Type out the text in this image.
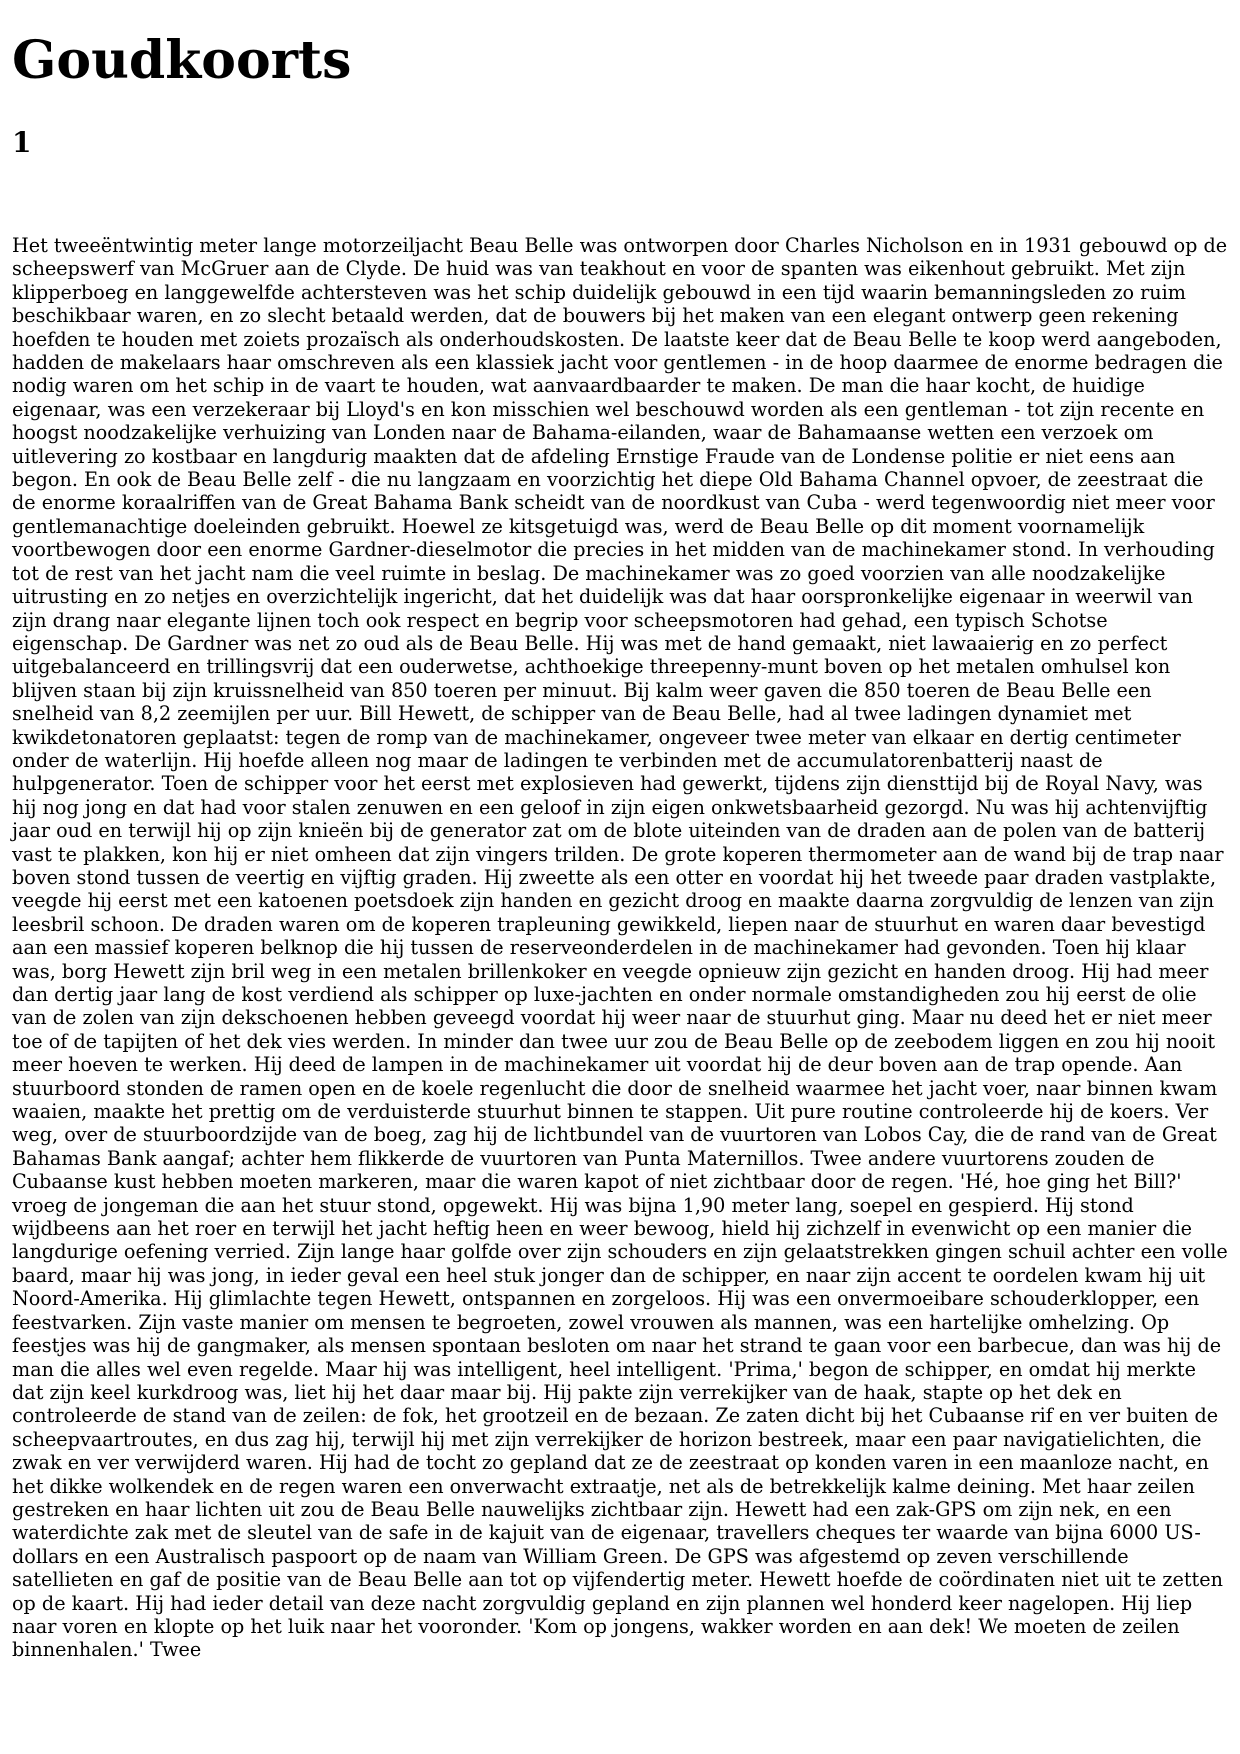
Goudkoorts
1

Het tweeëntwintig meter lange motorzeiljacht Beau Belle was ontworpen door Charles Nicholson en in 1931 gebouwd op de scheepswerf van McGruer aan de Clyde. De huid was van teakhout en voor de spanten was eikenhout gebruikt. Met zijn klipperboeg en langgewelfde achtersteven was het schip duidelijk gebouwd in een tijd waarin bemanningsleden zo ruim beschikbaar waren, en zo slecht betaald werden, dat de bouwers bij het maken van een elegant ontwerp geen rekening hoefden te houden met zoiets prozaïsch als onderhoudskosten. De laatste keer dat de Beau Belle te koop werd aangeboden, hadden de makelaars haar omschreven als een klassiek jacht voor gentlemen - in de hoop daarmee de enorme bedragen die nodig waren om het schip in de vaart te houden, wat aanvaardbaarder te maken. De man die haar kocht, de huidige eigenaar, was een verzekeraar bij Lloyd's en kon misschien wel beschouwd worden als een gentleman - tot zijn recente en hoogst noodzakelijke verhuizing van Londen naar de Bahama-eilanden, waar de Bahamaanse wetten een verzoek om uitlevering zo kostbaar en langdurig maakten dat de afdeling Ernstige Fraude van de Londense politie er niet eens aan begon. En ook de Beau Belle zelf - die nu langzaam en voorzichtig het diepe Old Bahama Channel opvoer, de zeestraat die de enorme koraalriffen van de Great Bahama Bank scheidt van de noordkust van Cuba - werd tegenwoordig niet meer voor gentlemanachtige doeleinden gebruikt. Hoewel ze kitsgetuigd was, werd de Beau Belle op dit moment voornamelijk voortbewogen door een enorme Gardner-dieselmotor die precies in het midden van de machinekamer stond. In verhouding tot de rest van het jacht nam die veel ruimte in beslag. De machinekamer was zo goed voorzien van alle noodzakelijke uitrusting en zo netjes en overzichtelijk ingericht, dat het duidelijk was dat haar oorspronkelijke eigenaar in weerwil van zijn drang naar elegante lijnen toch ook respect en begrip voor scheepsmotoren had gehad, een typisch Schotse eigenschap. De Gardner was net zo oud als de Beau Belle. Hij was met de hand gemaakt, niet lawaaierig en zo perfect uitgebalanceerd en trillingsvrij dat een ouderwetse, achthoekige threepenny-munt boven op het metalen omhulsel kon blijven staan bij zijn kruissnelheid van 850 toeren per minuut. Bij kalm weer gaven die 850 toeren de Beau Belle een snelheid van 8,2 zeemijlen per uur. Bill Hewett, de schipper van de Beau Belle, had al twee ladingen dynamiet met kwikdetonatoren geplaatst: tegen de romp van de machinekamer, ongeveer twee meter van elkaar en dertig centimeter onder de waterlijn. Hij hoefde alleen nog maar de ladingen te verbinden met de accumulatorenbatterij naast de hulpgenerator. Toen de schipper voor het eerst met explosieven had gewerkt, tijdens zijn diensttijd bij de Royal Navy, was hij nog jong en dat had voor stalen zenuwen en een geloof in zijn eigen onkwetsbaarheid gezorgd. Nu was hij achtenvijftig jaar oud en terwijl hij op zijn knieën bij de generator zat om de blote uiteinden van de draden aan de polen van de batterij vast te plakken, kon hij er niet omheen dat zijn vingers trilden. De grote koperen thermometer aan de wand bij de trap naar boven stond tussen de veertig en vijftig graden. Hij zweette als een otter en voordat hij het tweede paar draden vastplakte, veegde hij eerst met een katoenen poetsdoek zijn handen en gezicht droog en maakte daarna zorgvuldig de lenzen van zijn leesbril schoon. De draden waren om de koperen trapleuning gewikkeld, liepen naar de stuurhut en waren daar bevestigd aan een massief koperen belknop die hij tussen de reserveonderdelen in de machinekamer had gevonden. Toen hij klaar was, borg Hewett zijn bril weg in een metalen brillenkoker en veegde opnieuw zijn gezicht en handen droog. Hij had meer dan dertig jaar lang de kost verdiend als schipper op luxe-jachten en onder normale omstandigheden zou hij eerst de olie van de zolen van zijn dekschoenen hebben geveegd voordat hij weer naar de stuurhut ging. Maar nu deed het er niet meer toe of de tapijten of het dek vies werden. In minder dan twee uur zou de Beau Belle op de zeebodem liggen en zou hij nooit meer hoeven te werken. Hij deed de lampen in de machinekamer uit voordat hij de deur boven aan de trap opende. Aan stuurboord stonden de ramen open en de koele regenlucht die door de snelheid waarmee het jacht voer, naar binnen kwam waaien, maakte het prettig om de verduisterde stuurhut binnen te stappen. Uit pure routine controleerde hij de koers. Ver weg, over de stuurboordzijde van de boeg, zag hij de lichtbundel van de vuurtoren van Lobos Cay, die de rand van de Great Bahamas Bank aangaf; achter hem flikkerde de vuurtoren van Punta Maternillos. Twee andere vuurtorens zouden de Cubaanse kust hebben moeten markeren, maar die waren kapot of niet zichtbaar door de regen. 'Hé, hoe ging het Bill?' vroeg de jongeman die aan het stuur stond, opgewekt. Hij was bijna 1,90 meter lang, soepel en gespierd. Hij stond wijdbeens aan het roer en terwijl het jacht heftig heen en weer bewoog, hield hij zichzelf in evenwicht op een manier die langdurige oefening verried. Zijn lange haar golfde over zijn schouders en zijn gelaatstrekken gingen schuil achter een volle baard, maar hij was jong, in ieder geval een heel stuk jonger dan de schipper, en naar zijn accent te oordelen kwam hij uit Noord-Amerika. Hij glimlachte tegen Hewett, ontspannen en zorgeloos. Hij was een onvermoeibare schouderklopper, een feestvarken. Zijn vaste manier om mensen te begroeten, zowel vrouwen als mannen, was een hartelijke omhelzing. Op feestjes was hij de gangmaker, als mensen spontaan besloten om naar het strand te gaan voor een barbecue, dan was hij de man die alles wel even regelde. Maar hij was intelligent, heel intelligent. 'Prima,' begon de schipper, en omdat hij merkte dat zijn keel kurkdroog was, liet hij het daar maar bij. Hij pakte zijn verrekijker van de haak, stapte op het dek en controleerde de stand van de zeilen: de fok, het grootzeil en de bezaan. Ze zaten dicht bij het Cubaanse rif en ver buiten de scheepvaartroutes, en dus zag hij, terwijl hij met zijn verrekijker de horizon bestreek, maar een paar navigatielichten, die zwak en ver verwijderd waren. Hij had de tocht zo gepland dat ze de zeestraat op konden varen in een maanloze nacht, en het dikke wolkendek en de regen waren een onverwacht extraatje, net als de betrekkelijk kalme deining. Met haar zeilen gestreken en haar lichten uit zou de Beau Belle nauwelijks zichtbaar zijn. Hewett had een zak-GPS om zijn nek, en een waterdichte zak met de sleutel van de safe in de kajuit van de eigenaar, travellers cheques ter waarde van bijna 6000 US-dollars en een Australisch paspoort op de naam van William Green. De GPS was afgestemd op zeven verschillende satellieten en gaf de positie van de Beau Belle aan tot op vijfendertig meter. Hewett hoefde de coördinaten niet uit te zetten op de kaart. Hij had ieder detail van deze nacht zorgvuldig gepland en zijn plannen wel honderd keer nagelopen. Hij liep naar voren en klopte op het luik naar het vooronder. 'Kom op jongens, wakker worden en aan dek! We moeten de zeilen binnenhalen.' Twee
